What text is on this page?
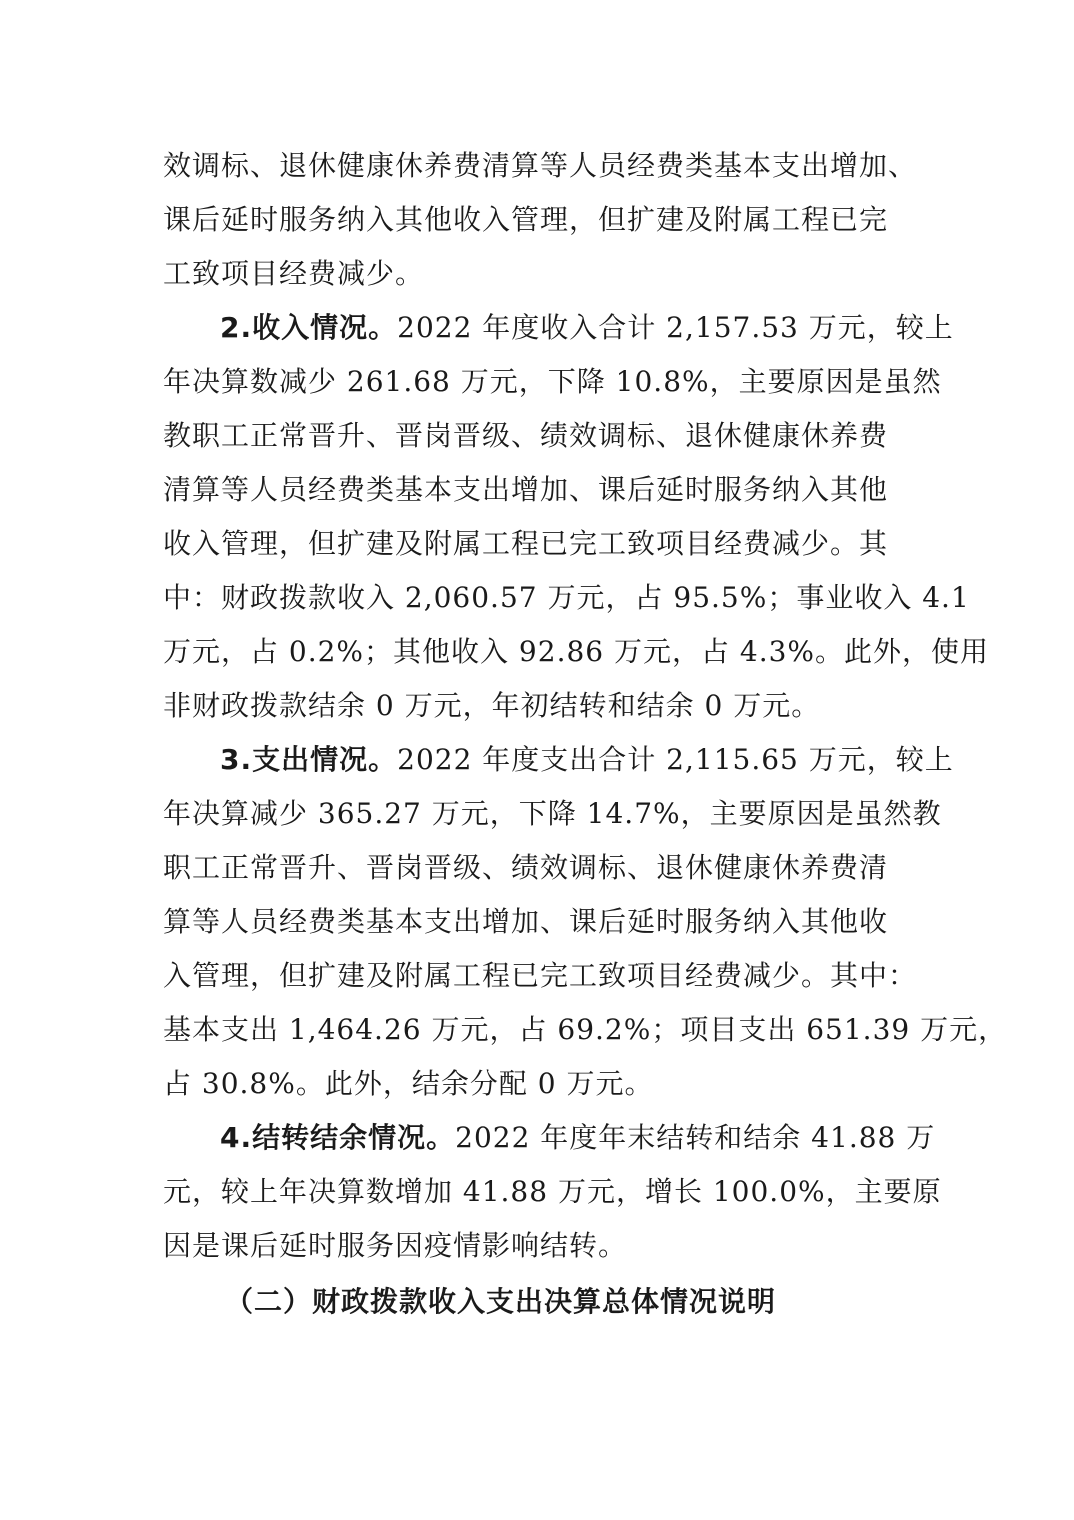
效调标、退休健康休养费清算等人员经费类基本支出增加、
课后延时服务纳入其他收入管理，但扩建及附属工程已完
工致项目经费减少。
2.收入情况。2022 年度收入合计 2,157.53 万元，较上
年决算数减少 261.68 万元，下降 10.8%，主要原因是虽然
教职工正常晋升、晋岗晋级、绩效调标、退休健康休养费
清算等人员经费类基本支出增加、课后延时服务纳入其他
收入管理，但扩建及附属工程已完工致项目经费减少。其
中：财政拨款收入 2,060.57 万元，占 95.5%；事业收入 4.1
万元，占 0.2%；其他收入 92.86 万元，占 4.3%。此外，使用
非财政拨款结余 0 万元，年初结转和结余 0 万元。
3.支出情况。2022 年度支出合计 2,115.65 万元，较上
年决算减少 365.27 万元，下降 14.7%，主要原因是虽然教
职工正常晋升、晋岗晋级、绩效调标、退休健康休养费清
算等人员经费类基本支出增加、课后延时服务纳入其他收
入管理，但扩建及附属工程已完工致项目经费减少。其中：
基本支出 1,464.26 万元，占 69.2%；项目支出 651.39 万元，
占 30.8%。此外，结余分配 0 万元。
4.结转结余情况。2022 年度年末结转和结余 41.88 万
元，较上年决算数增加 41.88 万元，增长 100.0%，主要原
因是课后延时服务因疫情影响结转。
（二）财政拨款收入支出决算总体情况说明
